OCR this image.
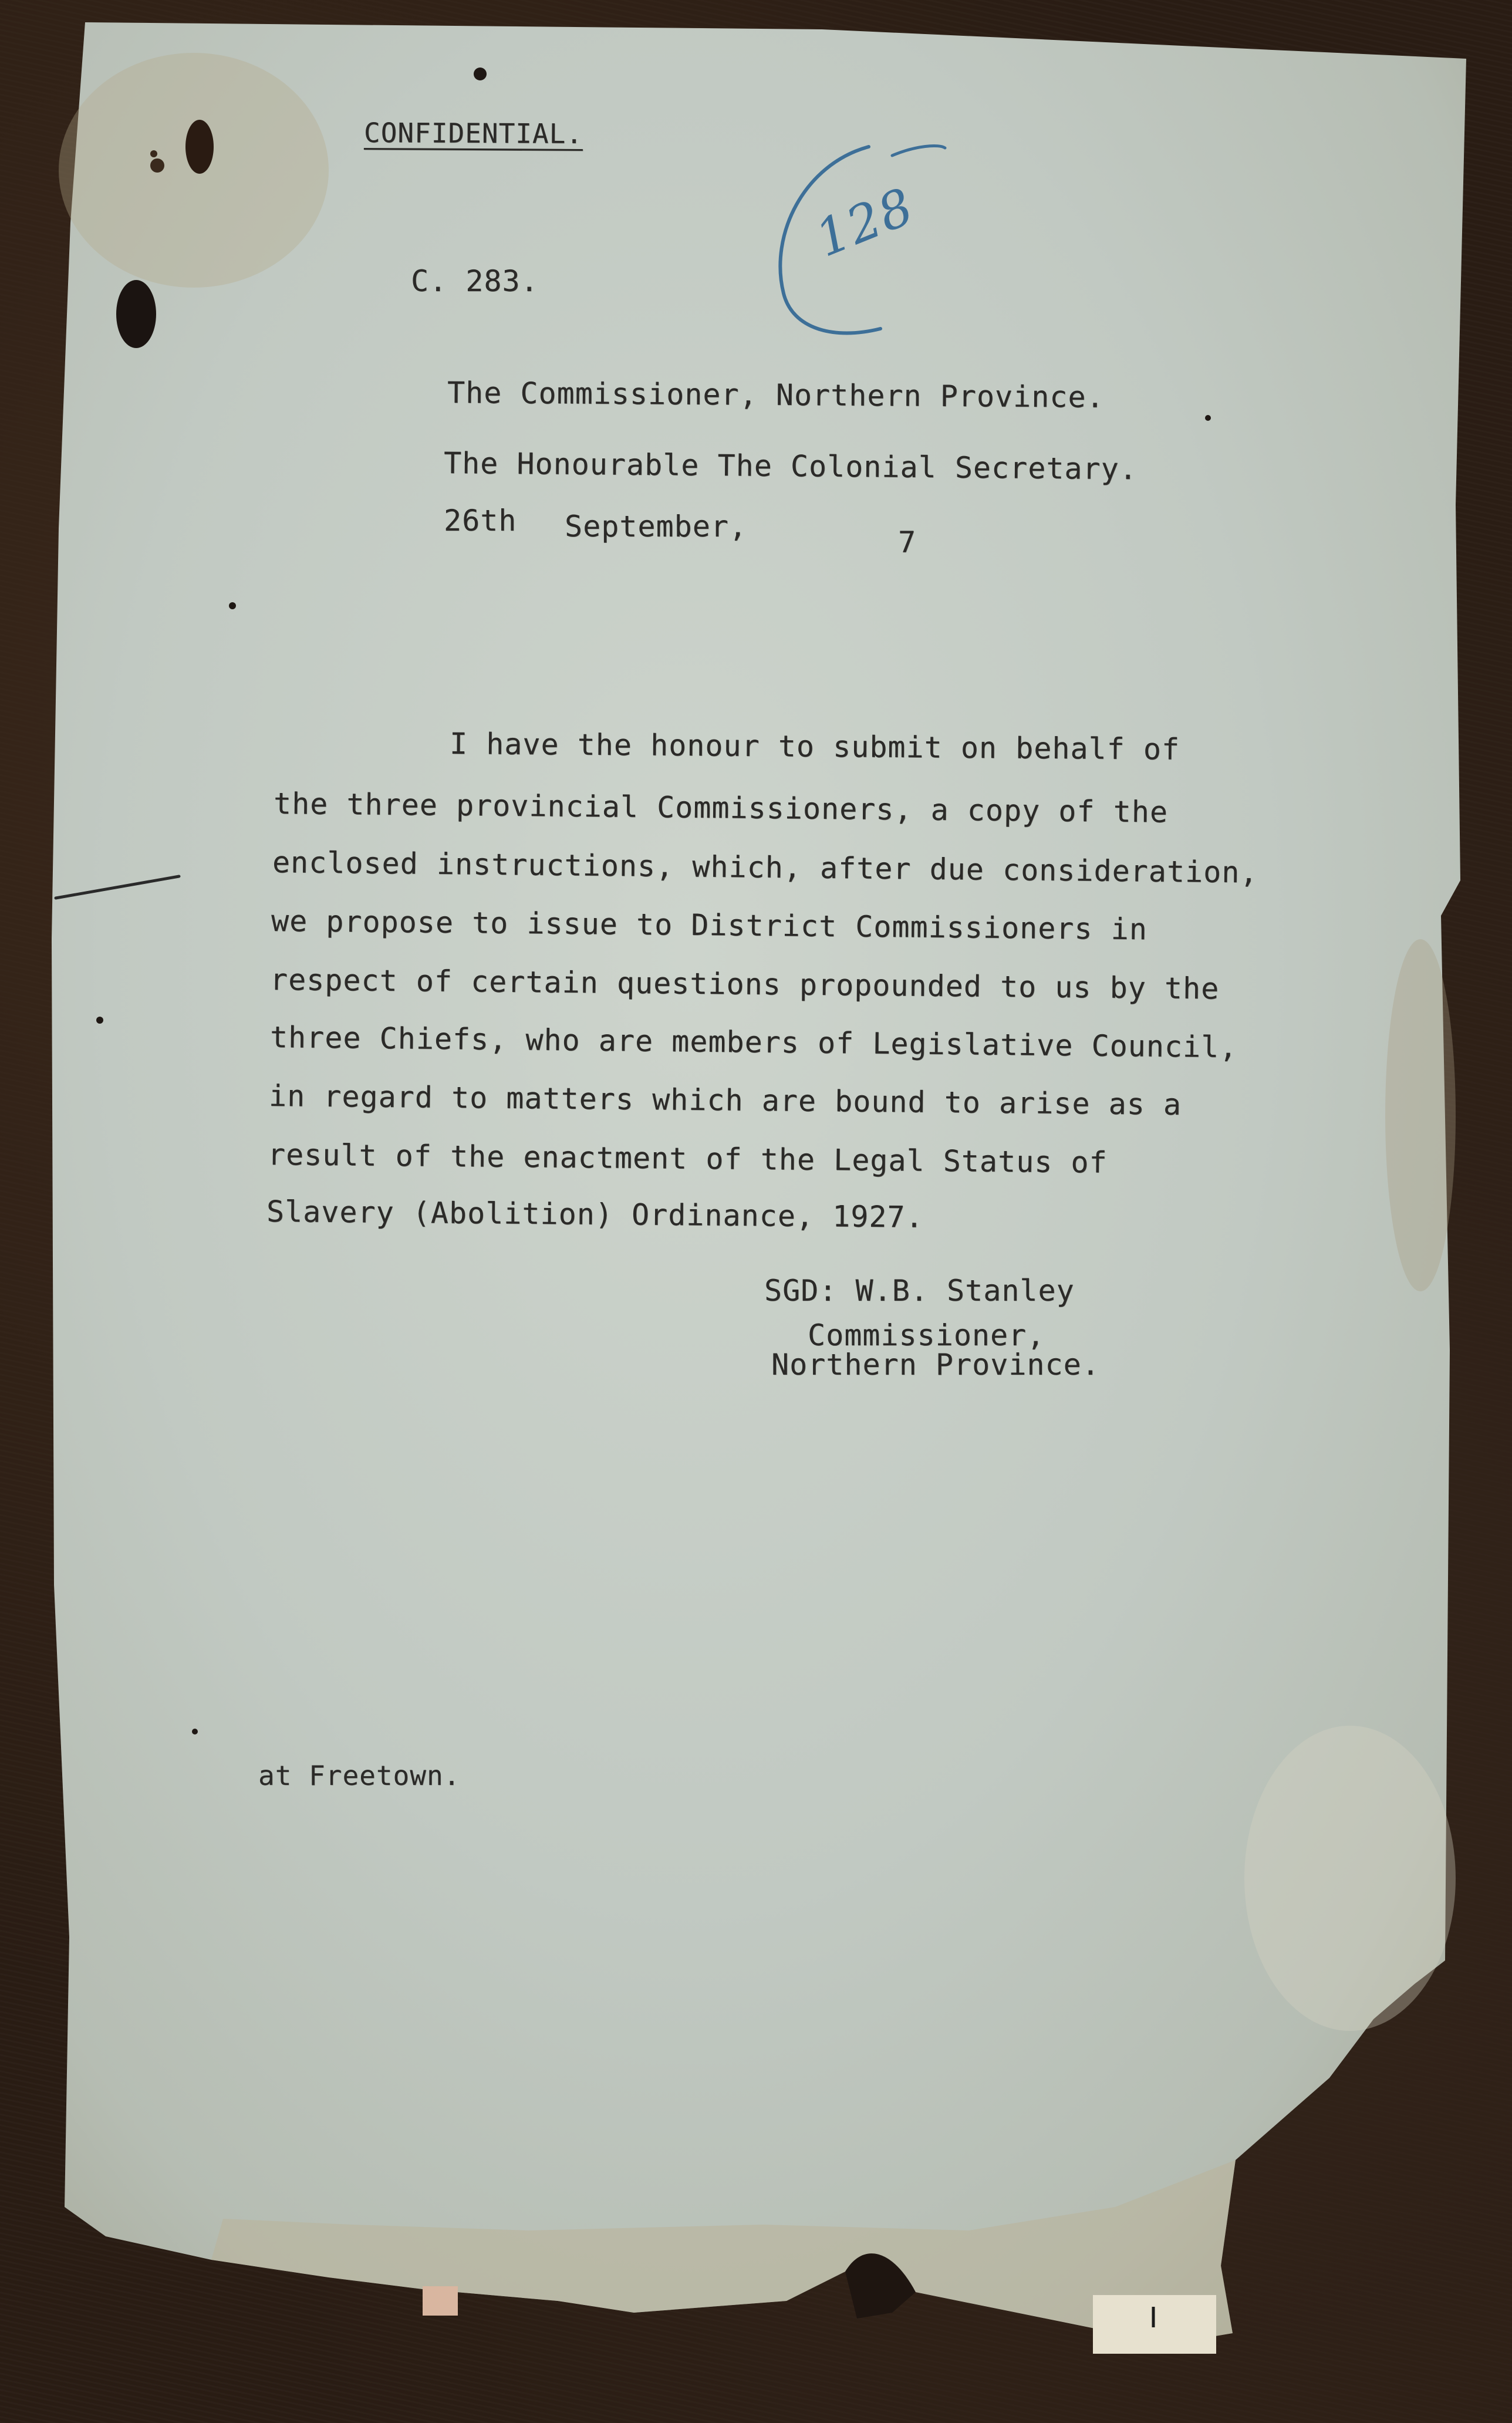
CONFIDENTIAL.

C. 283.

128

The Commissioner, Northern Province.

The Honourable The Colonial Secretary.

26th September,	7

I have the honour to submit on behalf of

the three provincial Commissioners, a copy of the

enclosed instructions, which, after due consideration,

we propose to issue to District Commissioners in

respect of certain questions propounded to us by the

three Chiefs, who are members of Legislative Council,

in regard to matters which are bound to arise as a

result of the enactment of the Legal Status of

Slavery (Abolition) Ordinance, 1927.

SGD: W.B. Stanley

Commissioner,

Northern Province.

at Freetown.
